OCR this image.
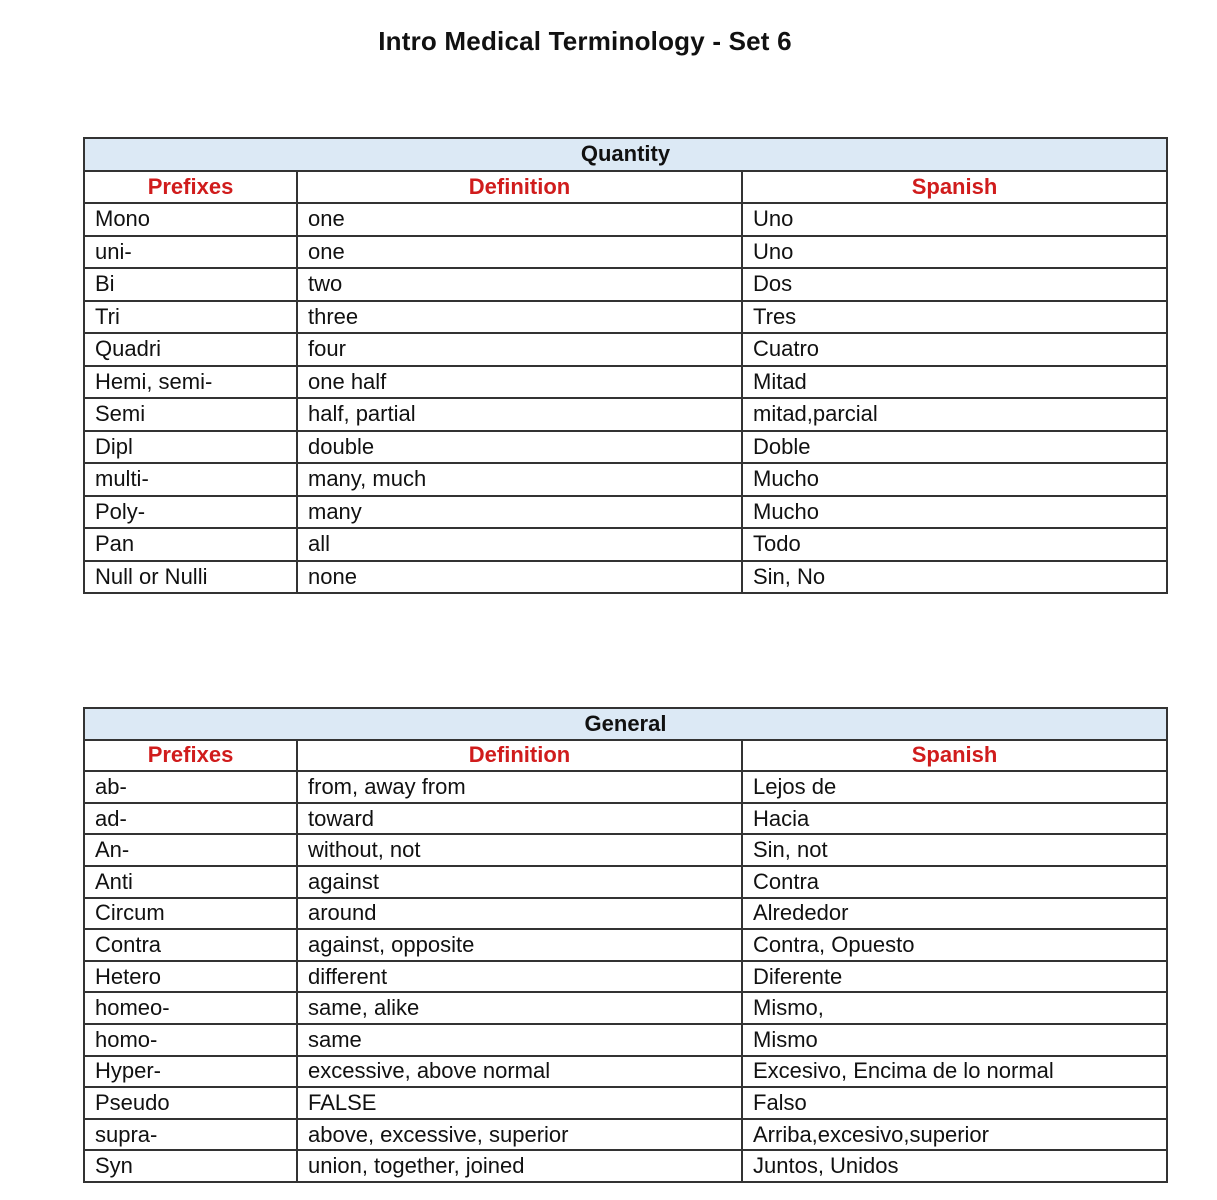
Intro Medical Terminology - Set 6
Quantity		
Prefixes	Definition	Spanish
Mono	one	Uno
uni-	one	Uno
Bi	two	Dos
Tri	three	Tres
Quadri	four	Cuatro
Hemi, semi-	one half	Mitad
Semi	half, partial	mitad,parcial
Dipl	double	Doble
multi-	many, much	Mucho
Poly-	many	Mucho
Pan	all	Todo
Null or Nulli	none	Sin, No
General		
Prefixes	Definition	Spanish
ab-	from, away from	Lejos de
ad-	toward	Hacia
An-	without, not	Sin, not
Anti	against	Contra
Circum	around	Alrededor
Contra	against, opposite	Contra, Opuesto
Hetero	different	Diferente
homeo-	same, alike	Mismo,
homo-	same	Mismo
Hyper-	excessive, above normal	Excesivo, Encima de lo normal
Pseudo	FALSE	Falso
supra-	above, excessive, superior	Arriba,excesivo,superior
Syn	union, together, joined	Juntos, Unidos
